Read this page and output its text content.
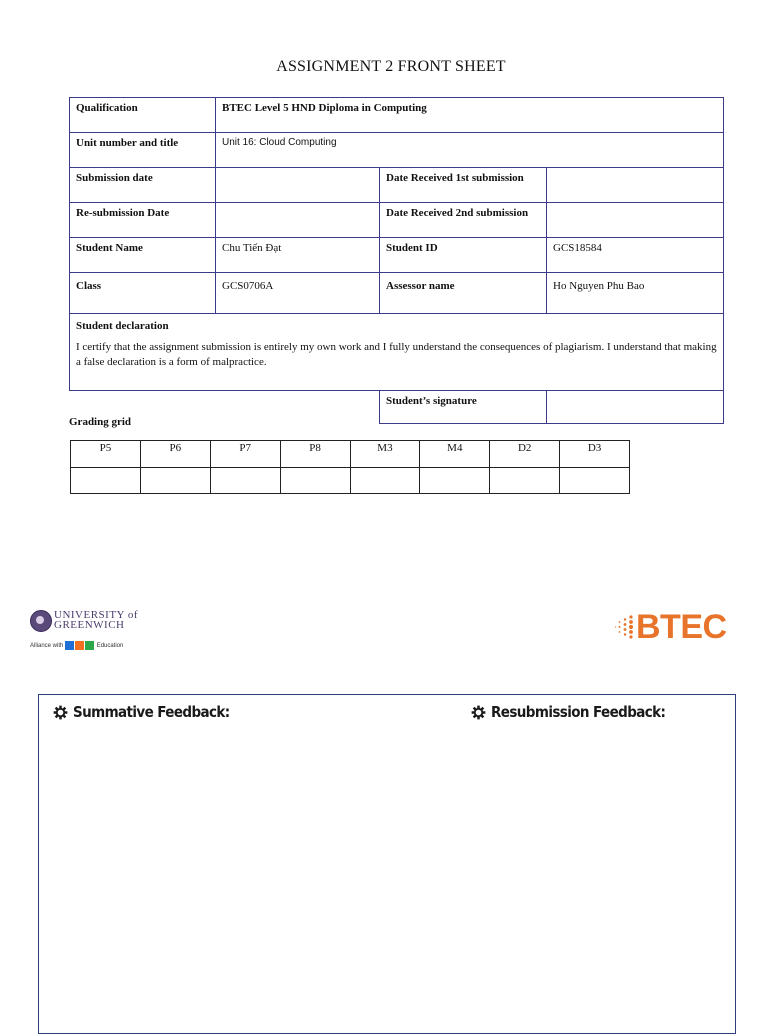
ASSIGNMENT 2 FRONT SHEET
Qualification	BTEC Level 5 HND Diploma in Computing		

Unit number and title	Unit 16: Cloud Computing		

Submission date		Date Received 1st submission	

Re-submission Date		Date Received 2nd submission	

Student Name	Chu Tiến Đạt	Student ID	GCS18584

Class	GCS0706A	Assessor name	Ho Nguyen Phu Bao

Student declaration
I certify that the assignment submission is entirely my own work and I fully understand the consequences of plagiarism. I understand that making a false declaration is a form of malpractice.			

		Student’s signature	

Grading grid
P5	P6	P7	P8	M3	M4	D2	D3

UNIVERSITY of
GREENWICH
Alliance with	Education
BTEC
Summative Feedback:	Resubmission Feedback:
